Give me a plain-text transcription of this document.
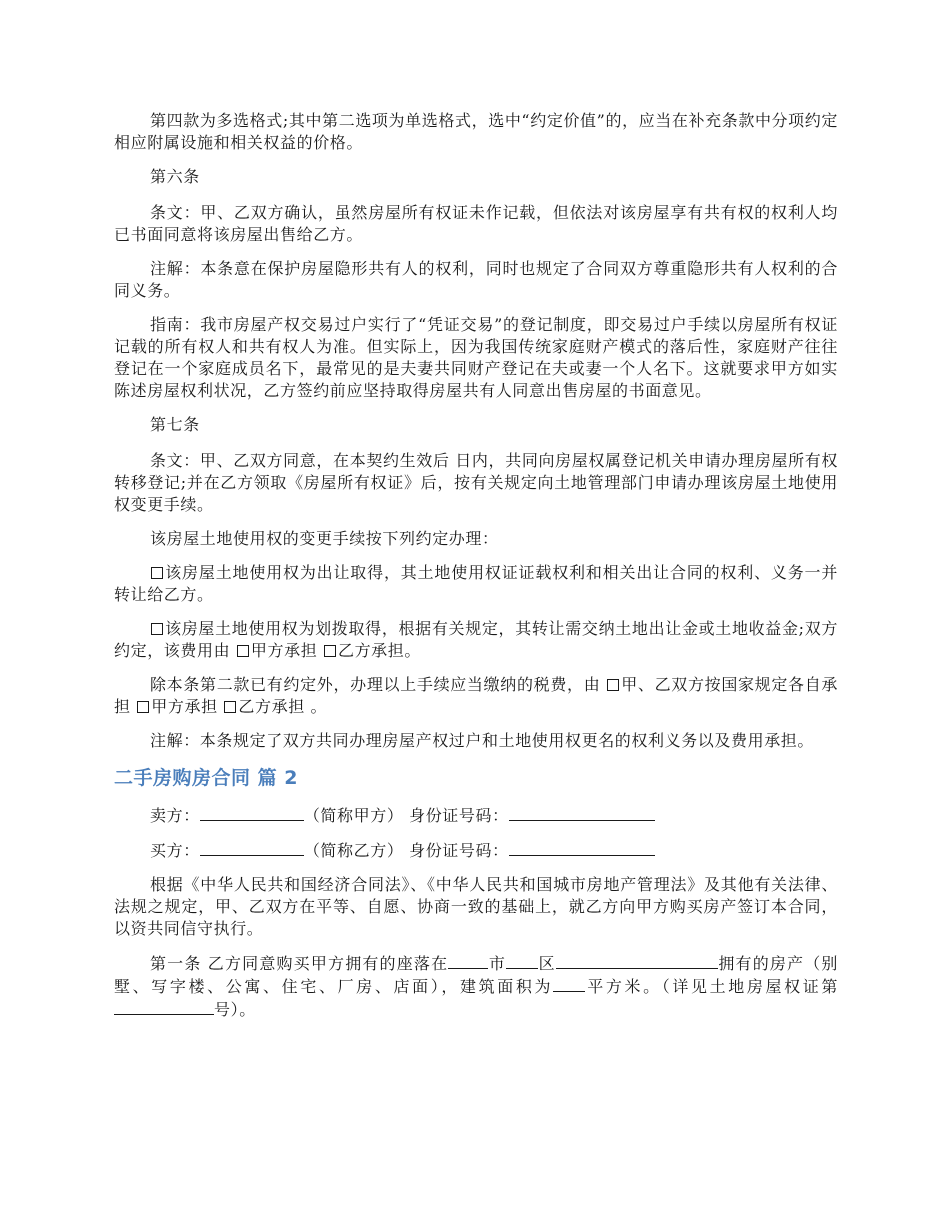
第四款为多选格式;其中第二选项为单选格式，选中“约定价值”的，应当在补充条款中分项约定相应附属设施和相关权益的价格。

第六条

条文：甲、乙双方确认，虽然房屋所有权证未作记载，但依法对该房屋享有共有权的权利人均已书面同意将该房屋出售给乙方。

注解：本条意在保护房屋隐形共有人的权利，同时也规定了合同双方尊重隐形共有人权利的合同义务。

指南：我市房屋产权交易过户实行了“凭证交易”的登记制度，即交易过户手续以房屋所有权证记载的所有权人和共有权人为准。但实际上，因为我国传统家庭财产模式的落后性，家庭财产往往登记在一个家庭成员名下，最常见的是夫妻共同财产登记在夫或妻一个人名下。这就要求甲方如实陈述房屋权利状况，乙方签约前应坚持取得房屋共有人同意出售房屋的书面意见。

第七条

条文：甲、乙双方同意，在本契约生效后 日内，共同向房屋权属登记机关申请办理房屋所有权转移登记;并在乙方领取《房屋所有权证》后，按有关规定向土地管理部门申请办理该房屋土地使用权变更手续。

该房屋土地使用权的变更手续按下列约定办理：

该房屋土地使用权为出让取得，其土地使用权证证载权利和相关出让合同的权利、义务一并转让给乙方。

该房屋土地使用权为划拨取得，根据有关规定，其转让需交纳土地出让金或土地收益金;双方约定，该费用由 甲方承担 乙方承担。

除本条第二款已有约定外，办理以上手续应当缴纳的税费，由 甲、乙双方按国家规定各自承担 甲方承担 乙方承担 。

注解：本条规定了双方共同办理房屋产权过户和土地使用权更名的权利义务以及费用承担。

二手房购房合同 篇 2

卖方：	（简称甲方） 身份证号码：

买方：	（简称乙方） 身份证号码：

根据《中华人民共和国经济合同法》、《中华人民共和国城市房地产管理法》及其他有关法律、法规之规定，甲、乙双方在平等、自愿、协商一致的基础上，就乙方向甲方购买房产签订本合同，以资共同信守执行。

第一条 乙方同意购买甲方拥有的座落在	市 区	拥有的房产（别墅、写字楼、公寓、住宅、厂房、店面），建筑面积为 平方米。（详见土地房屋权证第号）。
